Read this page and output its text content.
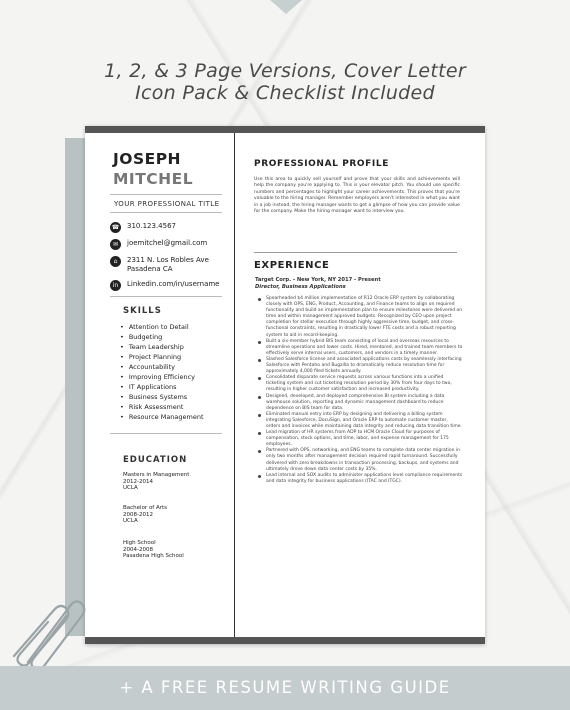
1, 2, & 3 Page Versions, Cover Letter
Icon Pack & Checklist Included
JOSEPH
MITCHEL
YOUR PROFESSIONAL TITLE
☎ 310.123.4567
✉	joemitchel@gmail.com
⌂	2311 N. Los Robles Ave
Pasadena CA
in	Linkedin.com/in/username
SKILLS
• Attention to Detail
• Budgeting
• Team Leadership
• Project Planning
• Accountability
• Improving Efficiency
• IT Applications
• Business Systems
• Risk Assessment
• Resource Management
EDUCATION
Masters in Management
2012-2014
UCLA
Bachelor of Arts
2008-2012
UCLA
High School
2004-2008
Pasadena High School
PROFESSIONAL PROFILE
Use this area to quickly sell yourself and prove that your skills and achievements will help the company you're applying to. This is your elevator pitch. You should use specific numbers and percentages to highlight your career achievements. This proves that you're valuable to the hiring manager. Remember employers aren't interested in what you want in a job instead, the hiring manager wants to get a glimpse of how you can provide value for the company. Make the hiring manager want to interview you.
EXPERIENCE
Target Corp. - New York, NY 2017 - Present
Director, Business Applications
Spearheaded $4 million implementation of R12 Oracle ERP system by collaborating closely with OPS, ENG, Product, Accounting, and Finance teams to align on required functionality and build an implementation plan to ensure milestones were delivered on time and within management approved budgets. Recognized by CEO upon project completion for stellar execution through highly aggressive time, budget, and cross-functional constraints, resulting in drastically lower FTE costs and a robust reporting system to aid in record-keeping.
Built a six-member hybrid BIS team consisting of local and overseas resources to streamline operations and lower costs. Hired, mentored, and trained team members to effectively serve internal users, customers, and vendors in a timely manner.
Slashed Salesforce license and associated applications costs by seamlessly interfacing Salesforce with Pentaho and Bugzilla to dramatically reduce resolution time for approximately 4,000 filed tickets annually.
Consolidated disparate service requests across various functions into a unified ticketing system and cut ticketing resolution period by 30% from four days to two, resulting in higher customer satisfaction and increased productivity.
Designed, developed, and deployed comprehensive BI system including a data warehouse solution, reporting and dynamic management dashboard to reduce dependence on BIS team for data.
Eliminated manual entry into ERP by designing and delivering a billing system integrating Salesforce, DocuSign, and Oracle ERP to automate customer master, orders and invoices while maintaining data integrity and reducing data transition time.
Lead migration of HR systems from ADP to HCM Oracle Cloud for purposes of compensation, stock options, and time, labor, and expense management for 175 employees.
Partnered with OPS, networking, and ENG teams to complete data center migration in only two months after management decision required rapid turnaround. Successfully delivered with zero breakdowns in transaction processing, backups, and systems and ultimately drove down data center costs by 35%.
Lead internal and SOX audits to administer applications level compliance requirements and data integrity for business applications (ITAC and ITGC).
+ A FREE RESUME WRITING GUIDE
